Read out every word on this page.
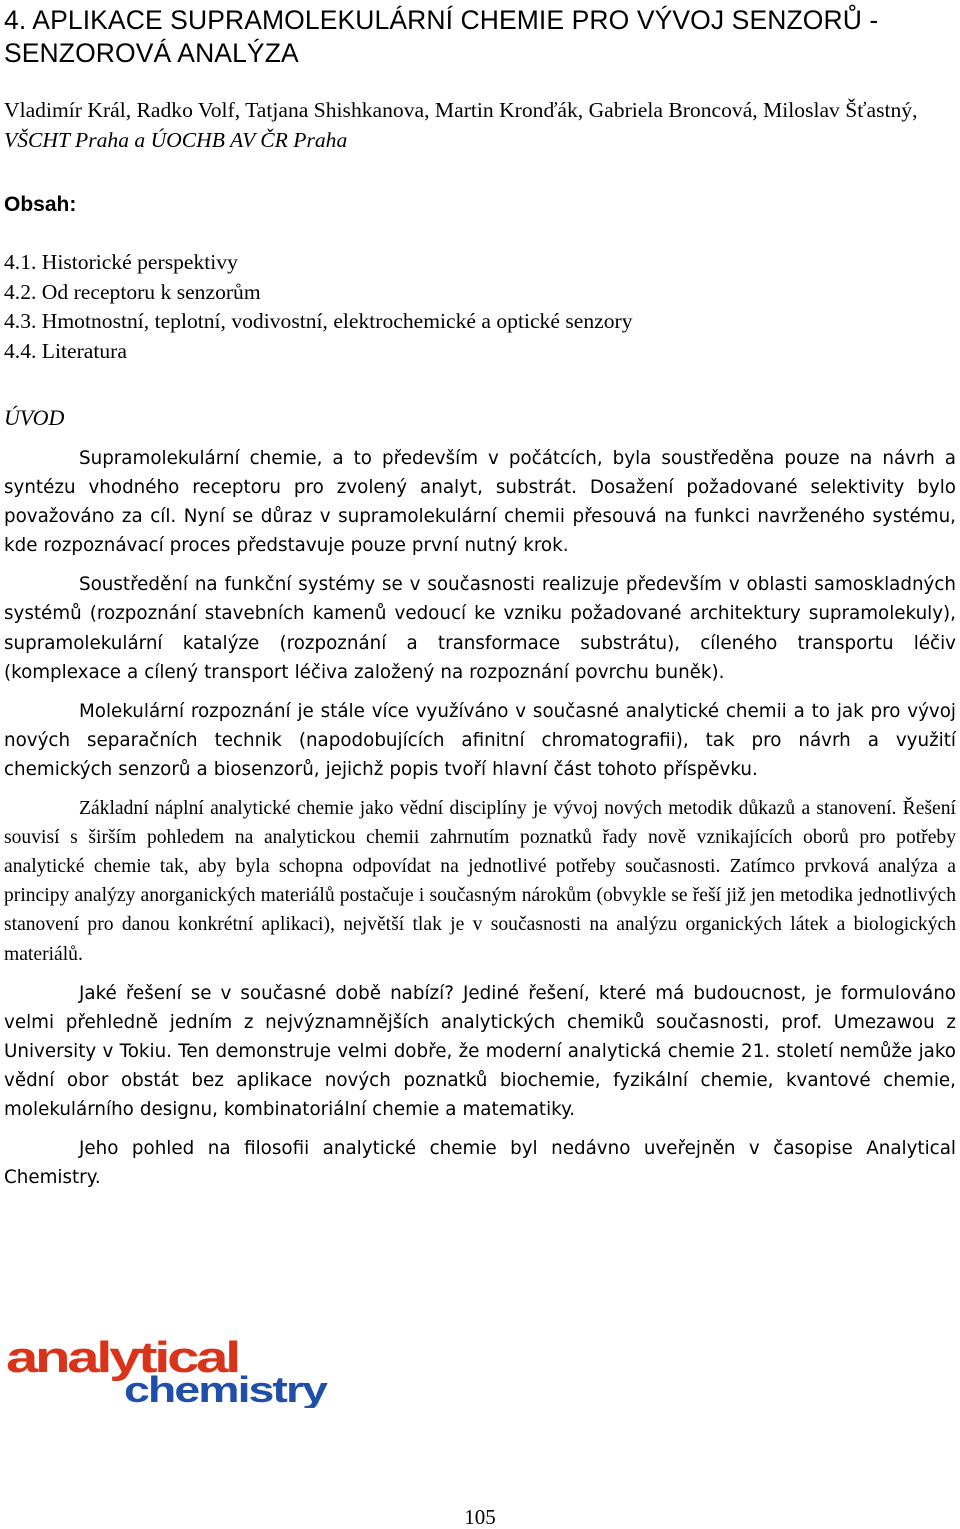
4. APLIKACE SUPRAMOLEKULÁRNÍ CHEMIE PRO VÝVOJ SENZORŮ - SENZOROVÁ ANALÝZA
Vladimír Král, Radko Volf, Tatjana Shishkanova, Martin Kronďák, Gabriela Broncová, Miloslav Šťastný, VŠCHT Praha a ÚOCHB AV ČR Praha
Obsah:
4.1. Historické perspektivy
4.2. Od receptoru k senzorům
4.3. Hmotnostní, teplotní, vodivostní, elektrochemické a optické senzory
4.4. Literatura
ÚVOD

Supramolekulární chemie, a to především v počátcích, byla soustředěna pouze na návrh a syntézu vhodného receptoru pro zvolený analyt, substrát. Dosažení požadované selektivity bylo považováno za cíl. Nyní se důraz v supramolekulární chemii přesouvá na funkci navrženého systému, kde rozpoznávací proces představuje pouze první nutný krok.

Soustředění na funkční systémy se v současnosti realizuje především v oblasti samoskladných systémů (rozpoznání stavebních kamenů vedoucí ke vzniku požadované architektury supramolekuly), supramolekulární katalýze (rozpoznání a transformace substrátu), cíleného transportu léčiv (komplexace a cílený transport léčiva založený na rozpoznání povrchu buněk).

Molekulární rozpoznání je stále více využíváno v současné analytické chemii a to jak pro vývoj nových separačních technik (napodobujících afinitní chromatografii), tak pro návrh a využití chemických senzorů a biosenzorů, jejichž popis tvoří hlavní část tohoto příspěvku.

Základní náplní analytické chemie jako vědní disciplíny je vývoj nových metodik důkazů a stanovení. Řešení souvisí s širším pohledem na analytickou chemii zahrnutím poznatků řady nově vznikajících oborů pro potřeby analytické chemie tak, aby byla schopna odpovídat na jednotlivé potřeby současnosti. Zatímco prvková analýza a principy analýzy anorganických materiálů postačuje i současným nárokům (obvykle se řeší již jen metodika jednotlivých stanovení pro danou konkrétní aplikaci), největší tlak je v současnosti na analýzu organických látek a biologických materiálů.

Jaké řešení se v současné době nabízí? Jediné řešení, které má budoucnost, je formulováno velmi přehledně jedním z nejvýznamnějších analytických chemiků současnosti, prof. Umezawou z University v Tokiu. Ten demonstruje velmi dobře, že moderní analytická chemie 21. století nemůže jako vědní obor obstát bez aplikace nových poznatků biochemie, fyzikální chemie, kvantové chemie, molekulárního designu, kombinatoriální chemie a matematiky.

Jeho pohled na filosofii analytické chemie byl nedávno uveřejněn v časopise Analytical Chemistry.

analytical
chemistry
105
